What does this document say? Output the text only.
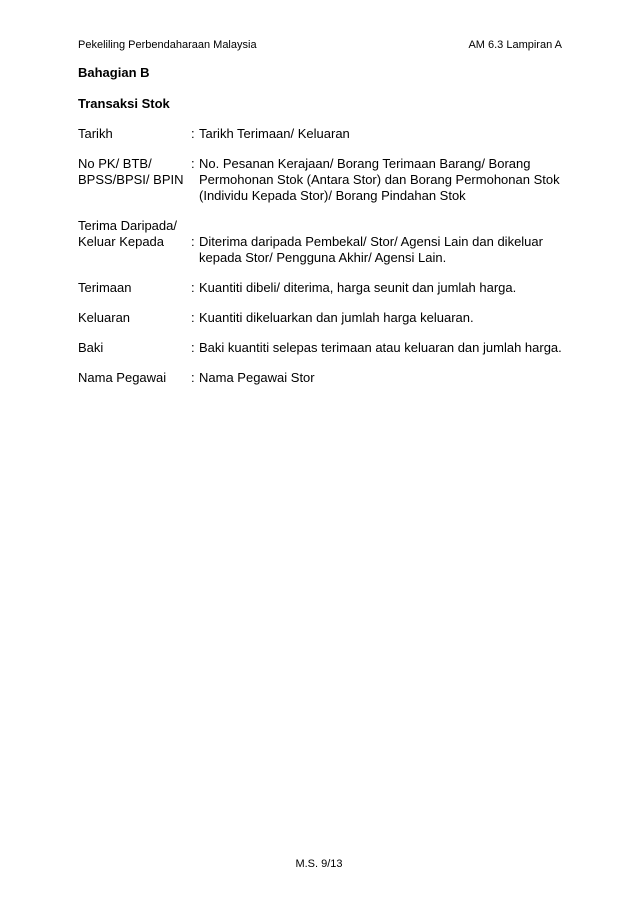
Pekeliling Perbendaharaan Malaysia	AM 6.3 Lampiran A
Bahagian B
Transaksi Stok
Tarikh	: Tarikh Terimaan/ Keluaran
No PK/ BTB/
BPSS/BPSI/ BPIN
: No. Pesanan Kerajaan/ Borang Terimaan Barang/ Borang
Permohonan Stok (Antara Stor) dan Borang Permohonan Stok
(Individu Kepada Stor)/ Borang Pindahan Stok
Terima Daripada/
Keluar Kepada	: Diterima daripada Pembekal/ Stor/ Agensi Lain dan dikeluar
kepada Stor/ Pengguna Akhir/ Agensi Lain.
Terimaan	: Kuantiti dibeli/ diterima, harga seunit dan jumlah harga.
Keluaran	: Kuantiti dikeluarkan dan jumlah harga keluaran.
Baki	: Baki kuantiti selepas terimaan atau keluaran dan jumlah harga.
Nama Pegawai	: Nama Pegawai Stor
M.S. 9/13
